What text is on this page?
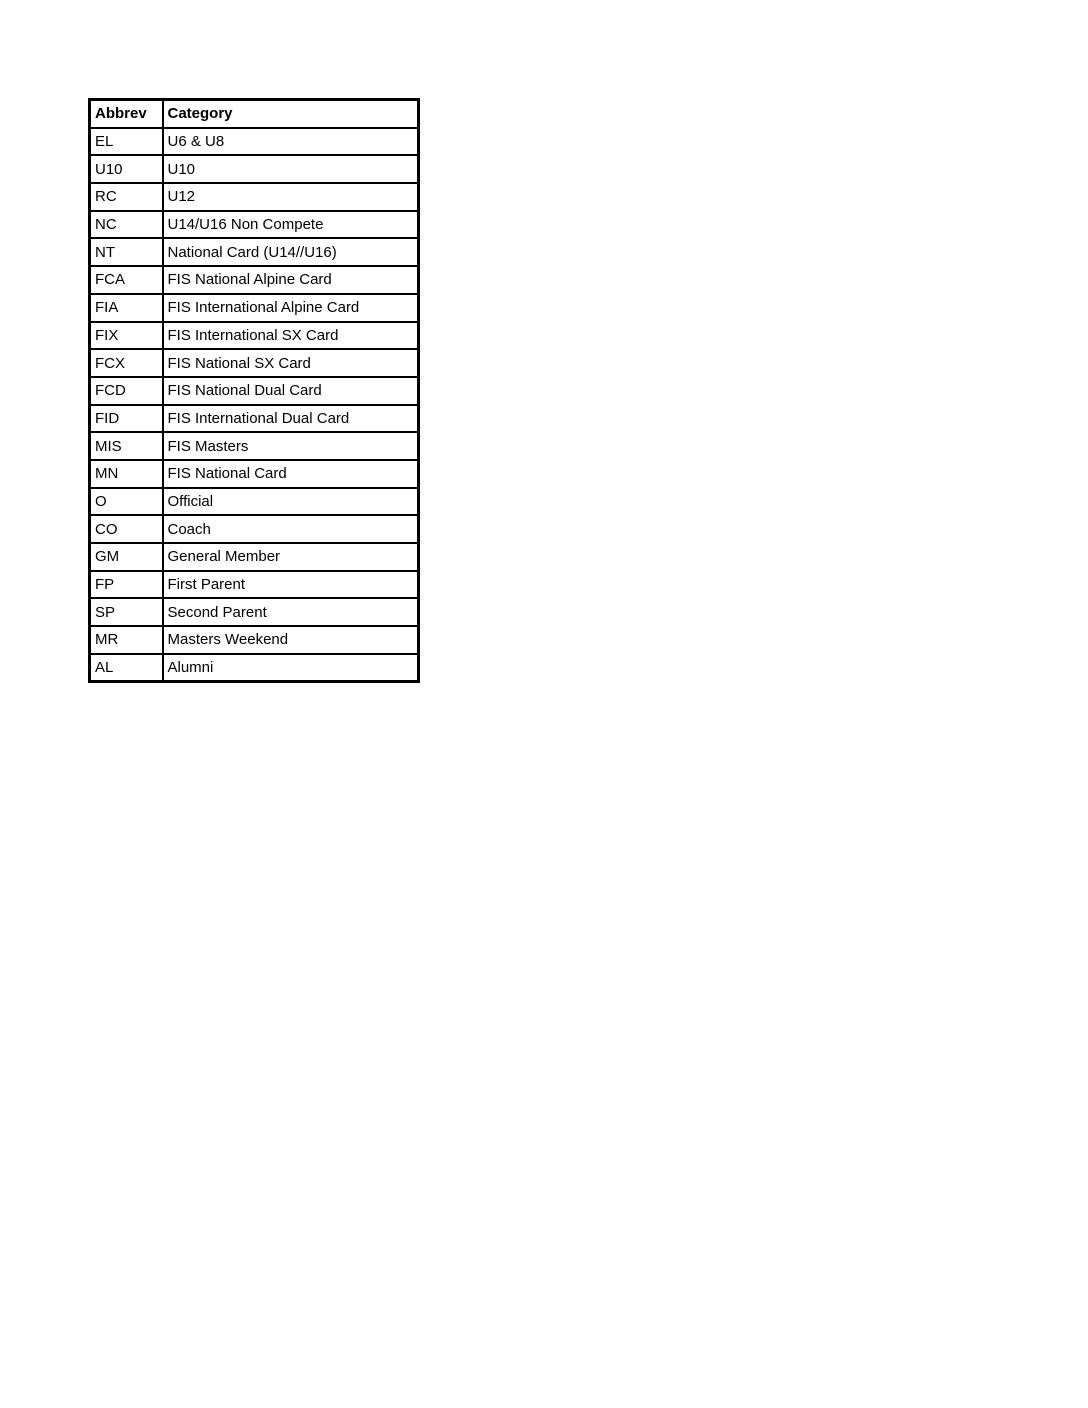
Abbrev	Category
EL	U6 & U8
U10	U10
RC	U12
NC	U14/U16 Non Compete
NT	National Card (U14//U16)
FCA	FIS National Alpine Card
FIA	FIS International Alpine Card
FIX	FIS International SX Card
FCX	FIS National SX Card
FCD	FIS National Dual Card
FID	FIS International Dual Card
MIS	FIS Masters
MN	FIS National Card
O	Official
CO	Coach
GM	General Member
FP	First Parent
SP	Second Parent
MR	Masters Weekend
AL	Alumni
